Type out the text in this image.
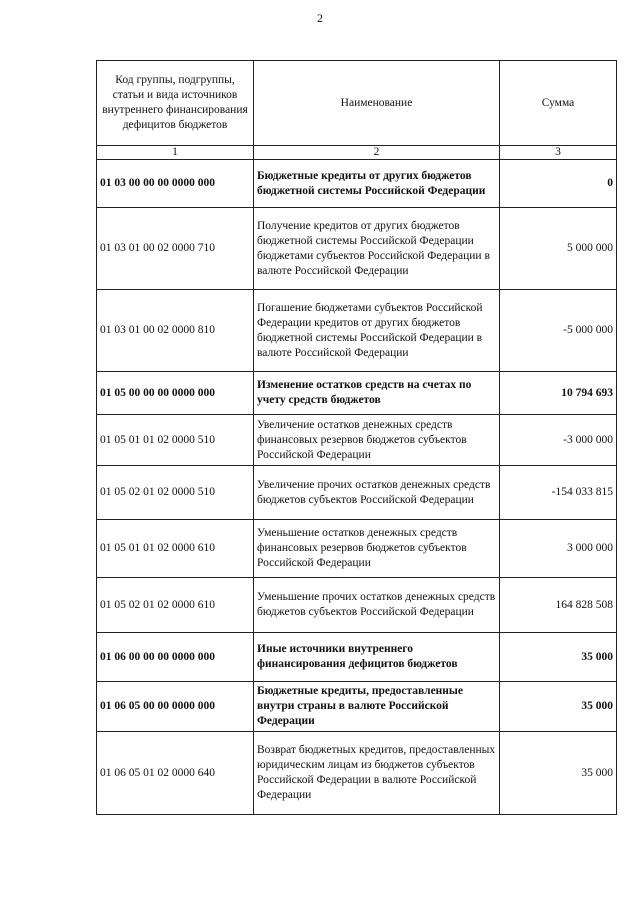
2
Код группы, подгруппы, статьи и вида источников внутреннего финансирования дефицитов бюджетов	Наименование	Сумма
1	2	3
01 03 00 00 00 0000 000	Бюджетные кредиты от других бюджетов бюджетной системы Российской Федерации	0
01 03 01 00 02 0000 710	Получение кредитов от других бюджетов бюджетной системы Российской Федерации бюджетами субъектов Российской Федерации в валюте Российской Федерации	5 000 000
01 03 01 00 02 0000 810	Погашение бюджетами субъектов Российской Федерации кредитов от других бюджетов бюджетной системы Российской Федерации в валюте Российской Федерации	-5 000 000
01 05 00 00 00 0000 000	Изменение остатков средств на счетах по учету средств бюджетов	10 794 693
01 05 01 01 02 0000 510	Увеличение остатков денежных средств финансовых резервов бюджетов субъектов Российской Федерации	-3 000 000
01 05 02 01 02 0000 510	Увеличение прочих остатков денежных средств бюджетов субъектов Российской Федерации	-154 033 815
01 05 01 01 02 0000 610	Уменьшение остатков денежных средств финансовых резервов бюджетов субъектов Российской Федерации	3 000 000
01 05 02 01 02 0000 610	Уменьшение прочих остатков денежных средств бюджетов субъектов Российской Федерации	164 828 508
01 06 00 00 00 0000 000	Иные источники внутреннего финансирования дефицитов бюджетов	35 000
01 06 05 00 00 0000 000	Бюджетные кредиты, предоставленные внутри страны в валюте Российской Федерации	35 000
01 06 05 01 02 0000 640	Возврат бюджетных кредитов, предоставленных юридическим лицам из бюджетов субъектов Российской Федерации в валюте Российской Федерации	35 000
